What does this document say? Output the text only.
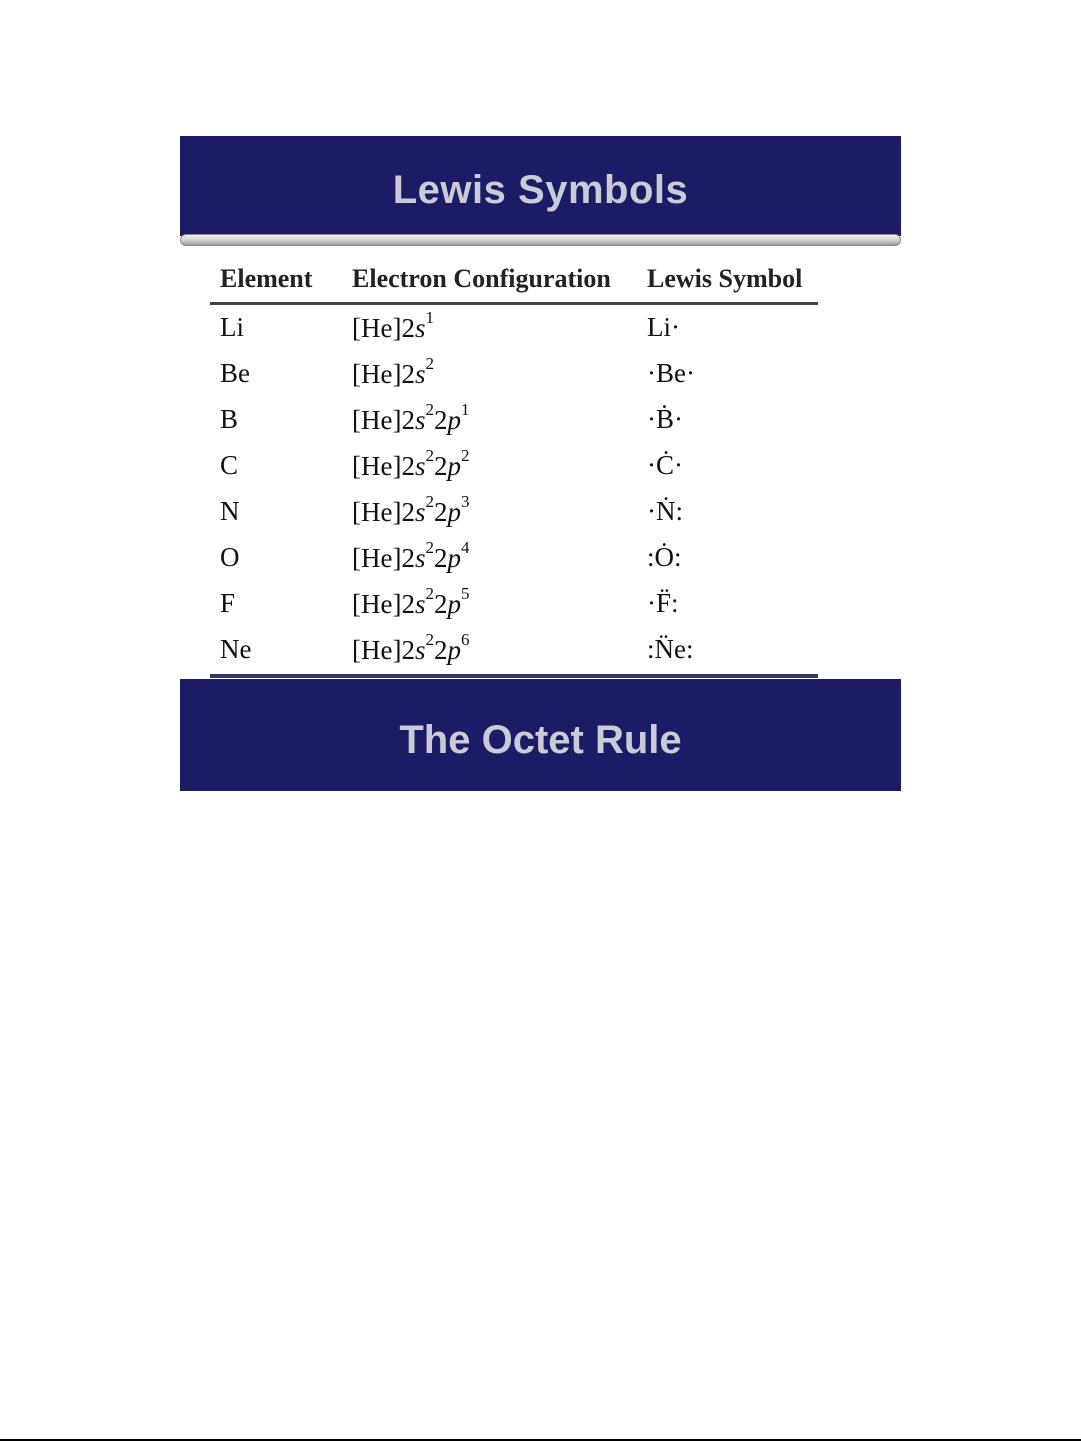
Lewis Symbols
Element Electron Configuration Lewis Symbol
Li	$[He]2s^1$	Li·
Be	$[He]2s^2$	·Be·
B	$[He]2s^22p^1$	·Ḃ·
C	$[He]2s^22p^2$	·Ċ·
N	$[He]2s^22p^3$	·Ṅ:
O	$[He]2s^22p^4$	:Ȯ:
F	$[He]2s^22p^5$	·F̈:
Ne	$[He]2s^22p^6$	:N̈e:
The Octet Rule
